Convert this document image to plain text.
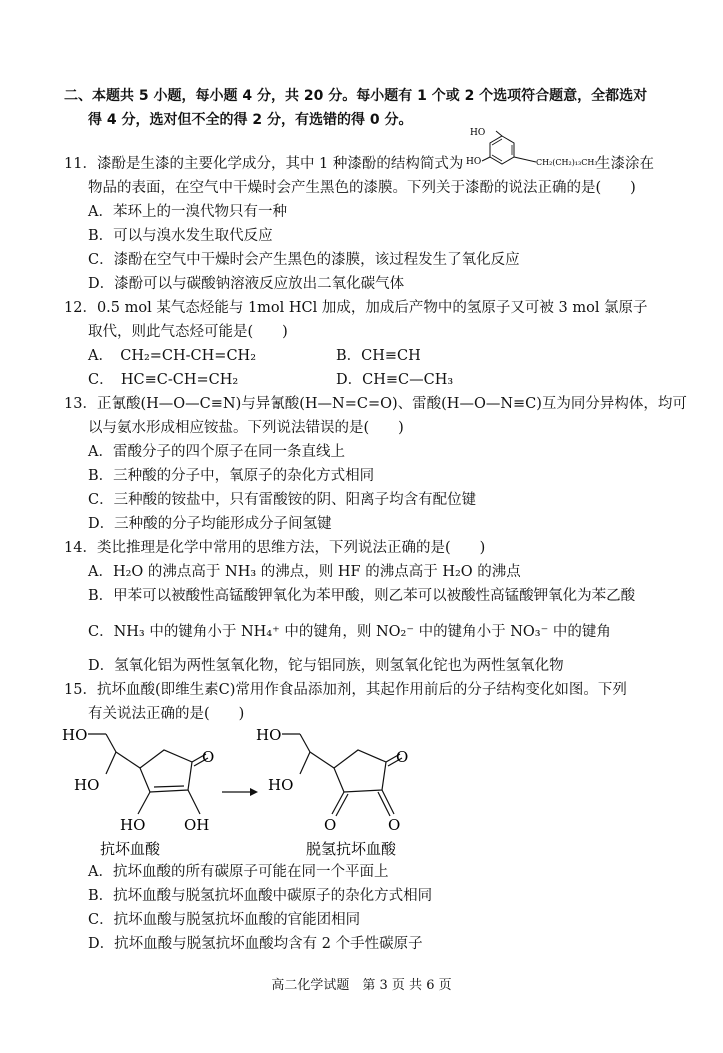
二、本题共 5 小题，每小题 4 分，共 20 分。每小题有 1 个或 2 个选项符合题意，全都选对
得 4 分，选对但不全的得 2 分，有选错的得 0 分。
11．漆酚是生漆的主要化学成分，其中 1 种漆酚的结构简式为
HO
HO	CH₂(CH₂)₁₃CH₃
生漆涂在
物品的表面，在空气中干燥时会产生黑色的漆膜。下列关于漆酚的说法正确的是(　　)
A．苯环上的一溴代物只有一种
B．可以与溴水发生取代反应
C．漆酚在空气中干燥时会产生黑色的漆膜，该过程发生了氧化反应
D．漆酚可以与碳酸钠溶液反应放出二氧化碳气体
12．0.5 mol 某气态烃能与 1mol HCl 加成，加成后产物中的氢原子又可被 3 mol 氯原子
取代，则此气态烃可能是(　　)
A．　CH₂=CH-CH=CH₂	B．CH≡CH
C．　HC≡C-CH=CH₂	D．CH≡C—CH₃
13．正氰酸(H—O—C≡N)与异氰酸(H—N=C=O)、雷酸(H—O—N≡C)互为同分异构体，均可
以与氨水形成相应铵盐。下列说法错误的是(　　)
A．雷酸分子的四个原子在同一条直线上
B．三种酸的分子中，氧原子的杂化方式相同
C．三种酸的铵盐中，只有雷酸铵的阴、阳离子均含有配位键
D．三种酸的分子均能形成分子间氢键
14．类比推理是化学中常用的思维方法，下列说法正确的是(　　)
A．H₂O 的沸点高于 NH₃ 的沸点，则 HF 的沸点高于 H₂O 的沸点
B．甲苯可以被酸性高锰酸钾氧化为苯甲酸，则乙苯可以被酸性高锰酸钾氧化为苯乙酸
C．NH₃ 中的键角小于 NH₄⁺ 中的键角，则 NO₂⁻ 中的键角小于 NO₃⁻ 中的键角
D．氢氧化铝为两性氢氧化物，铊与铝同族，则氢氧化铊也为两性氢氧化物
15．抗坏血酸(即维生素C)常用作食品添加剂，其起作用前后的分子结构变化如图。下列
有关说法正确的是(　　)
HO
HO
O
HO	OH
抗坏血酸
HO
HO
O
O	O
脱氢抗坏血酸
A．抗坏血酸的所有碳原子可能在同一个平面上
B．抗坏血酸与脱氢抗坏血酸中碳原子的杂化方式相同
C．抗坏血酸与脱氢抗坏血酸的官能团相同
D．抗坏血酸与脱氢抗坏血酸均含有 2 个手性碳原子
高二化学试题　第 3 页 共 6 页
